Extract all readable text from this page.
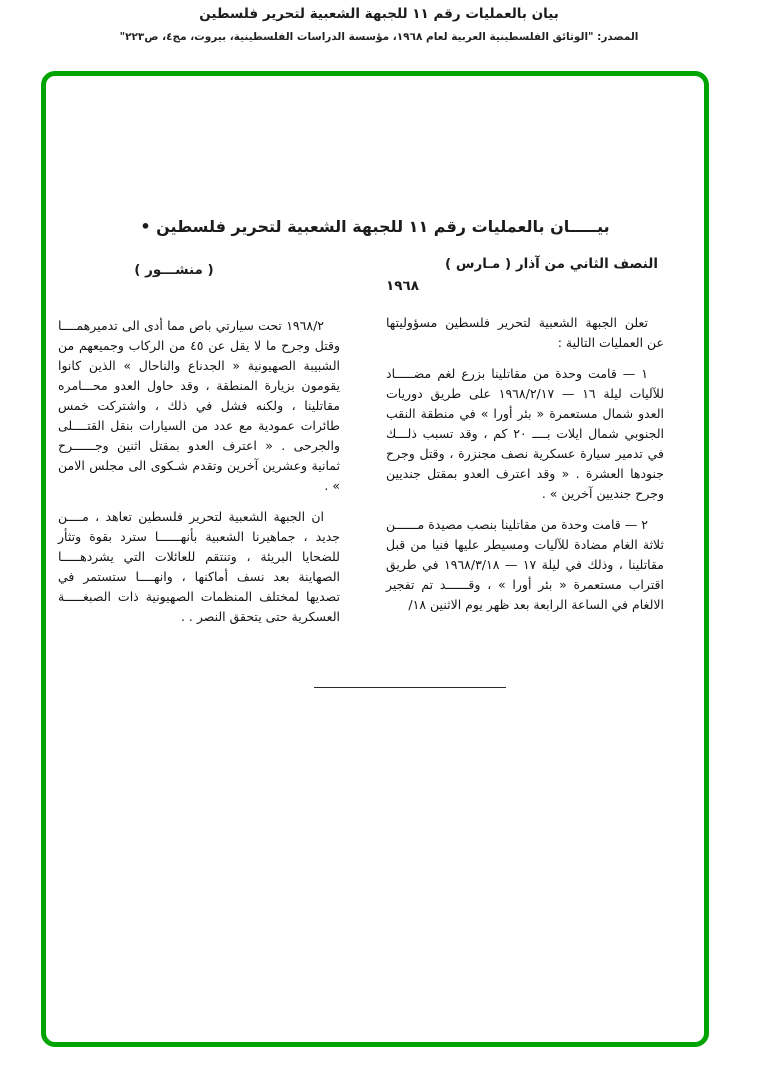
بيان بالعمليات رقم ١١ للجبهة الشعبية لتحرير فلسطين
المصدر: "الوثائق الفلسطينية العربية لعام ١٩٦٨، مؤسسة الدراسات الفلسطينية، بيروت، مج٤، ص٢٢٣"
بيـــــان بالعمليات رقم ١١ للجبهة الشعبية لتحرير فلسطين •
النصف الثاني من آذار ( مـارس )
١٩٦٨
( منشـــور )

تعلن الجبهة الشعبية لتحرير فلسطين مسؤوليتها عن العمليات التالية :

١ — قامت وحدة من مقاتلينا بزرع لغم مضـــــاد للآليات ليلة ١٦ — ١٩٦٨/٢/١٧ على طريق دوريات العدو شمال مستعمرة « بئر أورا » في منطقة النقب الجنوبي شمال ايلات بــــ ٢٠ كم ، وقد تسبب ذلـــك في تدمير سيارة عسكرية نصف مجنزرة ، وقتل وجرح جنودها العشرة . « وقد اعترف العدو بمقتل جنديين وجرح جنديين آخرين » .

٢ — قامت وحدة من مقاتلينا بنصب مصيدة مــــــن ثلاثة الغام مضادة للآليات ومسيطر عليها فنيا من قبل مقاتلينا ، وذلك في ليلة ١٧ — ١٩٦٨/٣/١٨ في طريق اقتراب مستعمرة « بئر أورا » ، وقــــــد تم تفجير الالغام في الساعة الرابعة بعد ظهر يوم الاثنين ١٨/

١٩٦٨/٢ تحت سيارتي باص مما أدى الى تدميرهمــــا وقتل وجرح ما لا يقل عن ٤٥ من الركاب وجميعهم من الشبيبة الصهيونية « الجدناع والناحال » الذين كانوا يقومون بزيارة المنطقة ، وقد حاول العدو محـــامره مقاتلينا ، ولكنه فشل في ذلك ، واشتركت خمس طائرات عمودية مع عدد من السيارات بنقل القتــــلى والجرحى . « اعترف العدو بمقتل اثنين وجــــــرح ثمانية وعشرين آخرين وتقدم شـكوى الى مجلس الامن » .

ان الجبهة الشعبية لتحرير فلسطين تعاهد ، مــــن جديد ، جماهيرنا الشعبية بأنهــــــا سترد بقوة وتثأر للضحايا البريئة ، وتنتقم للعائلات التي يشردهـــــا الصهاينة بعد نسف أماكنها ، وانهــــا ستستمر في تصديها لمختلف المنظمات الصهيونية ذات الصبغـــــة العسكرية حتى يتحقق النصر . .
